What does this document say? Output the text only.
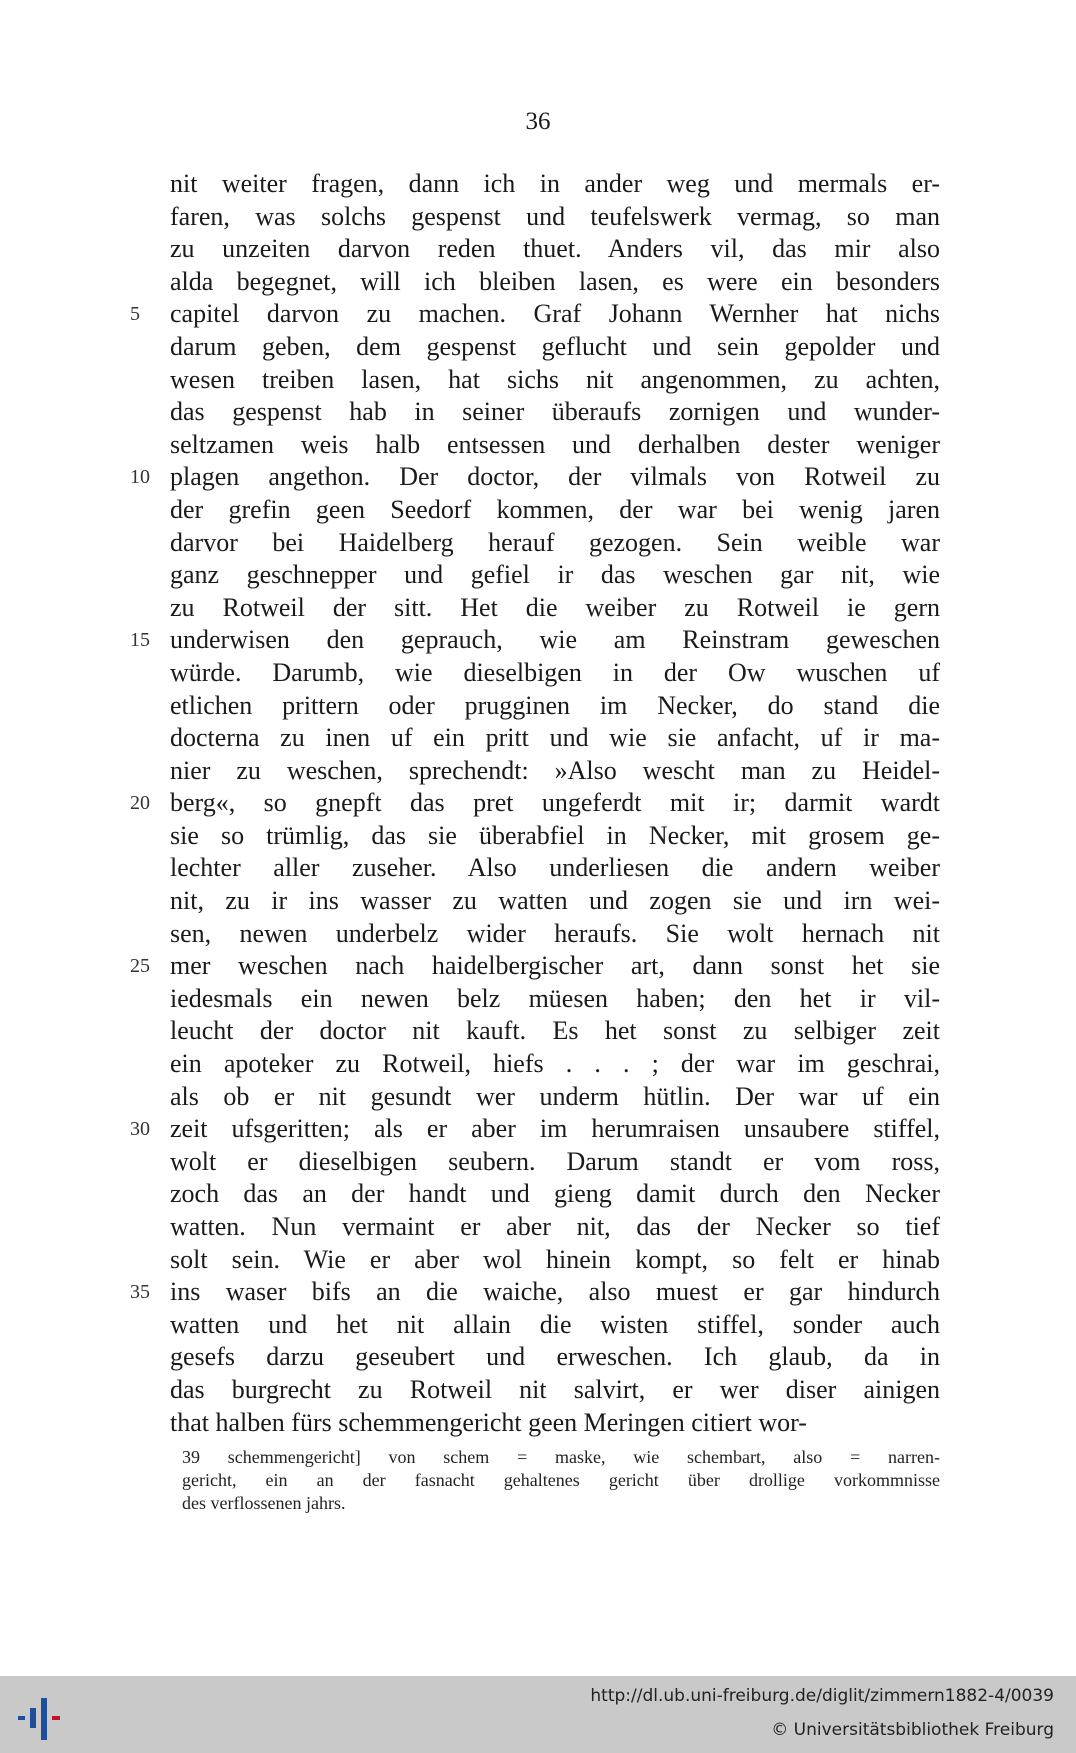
36
nit weiter fragen, dann ich in ander weg und mermals er-
faren, was solchs gespenst und teufelswerk vermag, so man
zu unzeiten darvon reden thuet. Anders vil, das mir also
alda begegnet, will ich bleiben lasen, es were ein besonders
5	capitel darvon zu machen. Graf Johann Wernher hat nichs
darum geben, dem gespenst geflucht und sein gepolder und
wesen treiben lasen, hat sichs nit angenommen, zu achten,
das gespenst hab in seiner überaufs zornigen und wunder-
seltzamen weis halb entsessen und derhalben dester weniger
10 plagen angethon. Der doctor, der vilmals von Rotweil zu
der grefin geen Seedorf kommen, der war bei wenig jaren
darvor bei Haidelberg herauf gezogen. Sein weible war
ganz geschnepper und gefiel ir das weschen gar nit, wie
zu Rotweil der sitt. Het die weiber zu Rotweil ie gern
15 underwisen den geprauch, wie am Reinstram geweschen
würde. Darumb, wie dieselbigen in der Ow wuschen uf
etlichen prittern oder prugginen im Necker, do stand die
docterna zu inen uf ein pritt und wie sie anfacht, uf ir ma-
nier zu weschen, sprechendt: »Also wescht man zu Heidel-
20 berg«, so gnepft das pret ungeferdt mit ir; darmit wardt
sie so trümlig, das sie überabfiel in Necker, mit grosem ge-
lechter aller zuseher. Also underliesen die andern weiber
nit, zu ir ins wasser zu watten und zogen sie und irn wei-
sen, newen underbelz wider heraufs. Sie wolt hernach nit
25 mer weschen nach haidelbergischer art, dann sonst het sie
iedesmals ein newen belz müesen haben; den het ir vil-
leucht der doctor nit kauft. Es het sonst zu selbiger zeit
ein apoteker zu Rotweil, hiefs . . . ; der war im geschrai,
als ob er nit gesundt wer underm hütlin. Der war uf ein
30 zeit ufsgeritten; als er aber im herumraisen unsaubere stiffel,
wolt er dieselbigen seubern. Darum standt er vom ross,
zoch das an der handt und gieng damit durch den Necker
watten. Nun vermaint er aber nit, das der Necker so tief
solt sein. Wie er aber wol hinein kompt, so felt er hinab
35 ins waser bifs an die waiche, also muest er gar hindurch
watten und het nit allain die wisten stiffel, sonder auch
gesefs darzu geseubert und erweschen. Ich glaub, da in
das burgrecht zu Rotweil nit salvirt, er wer diser ainigen
that halben fürs schemmengericht geen Meringen citiert wor-
39 schemmengericht] von schem = maske, wie schembart, also = narren-
gericht, ein an der fasnacht gehaltenes gericht über drollige vorkommnisse
des verflossenen jahrs.
http://dl.ub.uni-freiburg.de/diglit/zimmern1882-4/0039
© Universitätsbibliothek Freiburg
